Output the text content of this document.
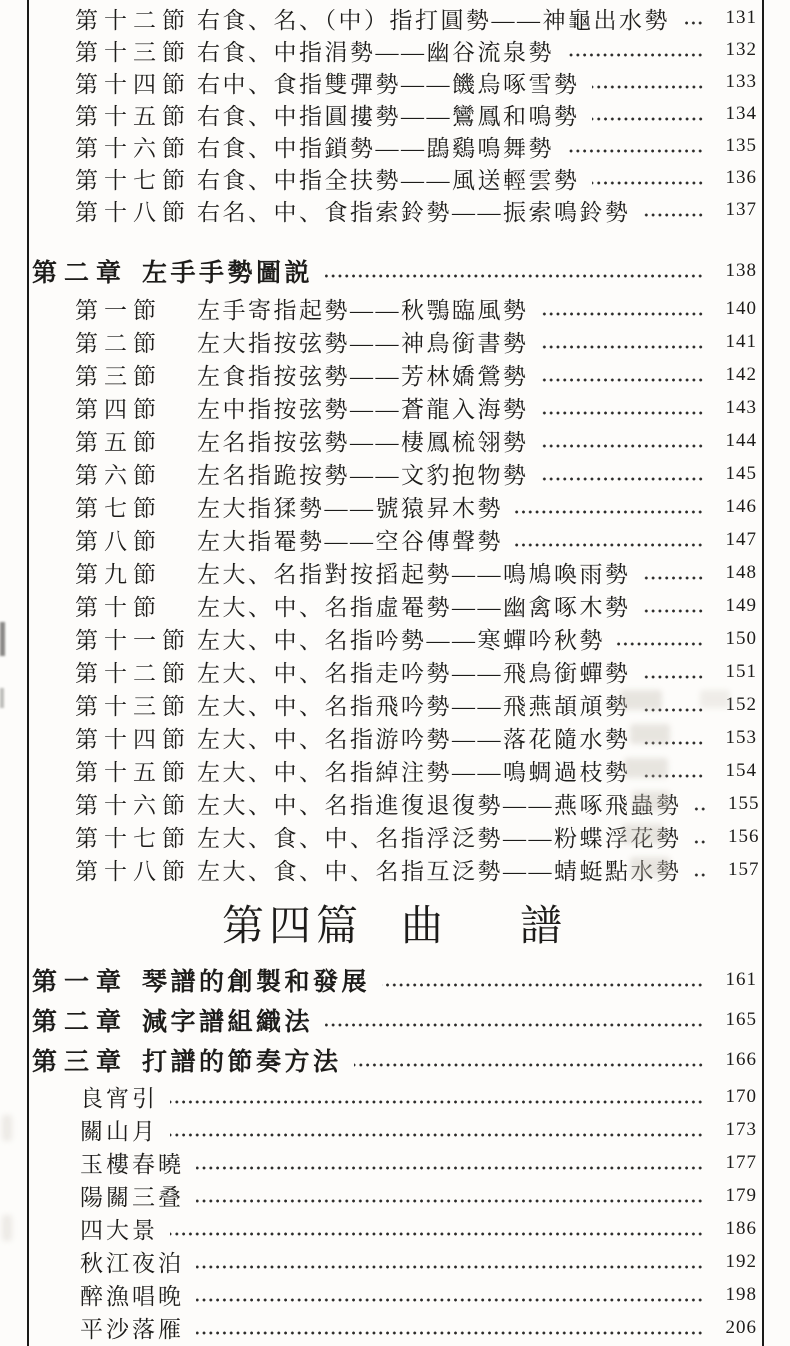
第十二節 右食、名、（中）指打圓勢——神龜出水勢	131
第十三節 右食、中指涓勢——幽谷流泉勢	132
第十四節 右中、食指雙彈勢——饑烏啄雪勢	133
第十五節 右食、中指圓摟勢——鸞鳳和鳴勢	134
第十六節 右食、中指鎖勢——鵾鷄鳴舞勢	135
第十七節 右食、中指全扶勢——風送輕雲勢	136
第十八節 右名、中、食指索鈴勢——振索鳴鈴勢	137
第二章 左手手勢圖説	138
第一節	左手寄指起勢——秋鶚臨風勢	140
第二節	左大指按弦勢——神鳥銜書勢	141
第三節	左食指按弦勢——芳林嬌鶯勢	142
第四節	左中指按弦勢——蒼龍入海勢	143
第五節	左名指按弦勢——棲鳳梳翎勢	144
第六節	左名指跪按勢——文豹抱物勢	145
第七節	左大指猱勢——號猿昇木勢	146
第八節	左大指罨勢——空谷傳聲勢	147
第九節	左大、名指對按搯起勢——鳴鳩喚雨勢	148
第十節	左大、中、名指虛罨勢——幽禽啄木勢	149
第十一節 左大、中、名指吟勢——寒蟬吟秋勢	150
第十二節 左大、中、名指走吟勢——飛鳥銜蟬勢	151
第十三節 左大、中、名指飛吟勢——飛燕頡頏勢	152
第十四節 左大、中、名指游吟勢——落花隨水勢	153
第十五節 左大、中、名指綽注勢——鳴蜩過枝勢	154
第十六節 左大、中、名指進復退復勢——燕啄飛蟲勢	155
第十七節 左大、食、中、名指浮泛勢——粉蝶浮花勢	156
第十八節 左大、食、中、名指互泛勢——蜻蜓點水勢	157
第四篇 曲 譜
第一章 琴譜的創製和發展	161
第二章 減字譜組織法	165
第三章 打譜的節奏方法	166
良宵引	170
關山月	173
玉樓春曉	177
陽關三叠	179
四大景	186
秋江夜泊	192
醉漁唱晚	198
平沙落雁	206
